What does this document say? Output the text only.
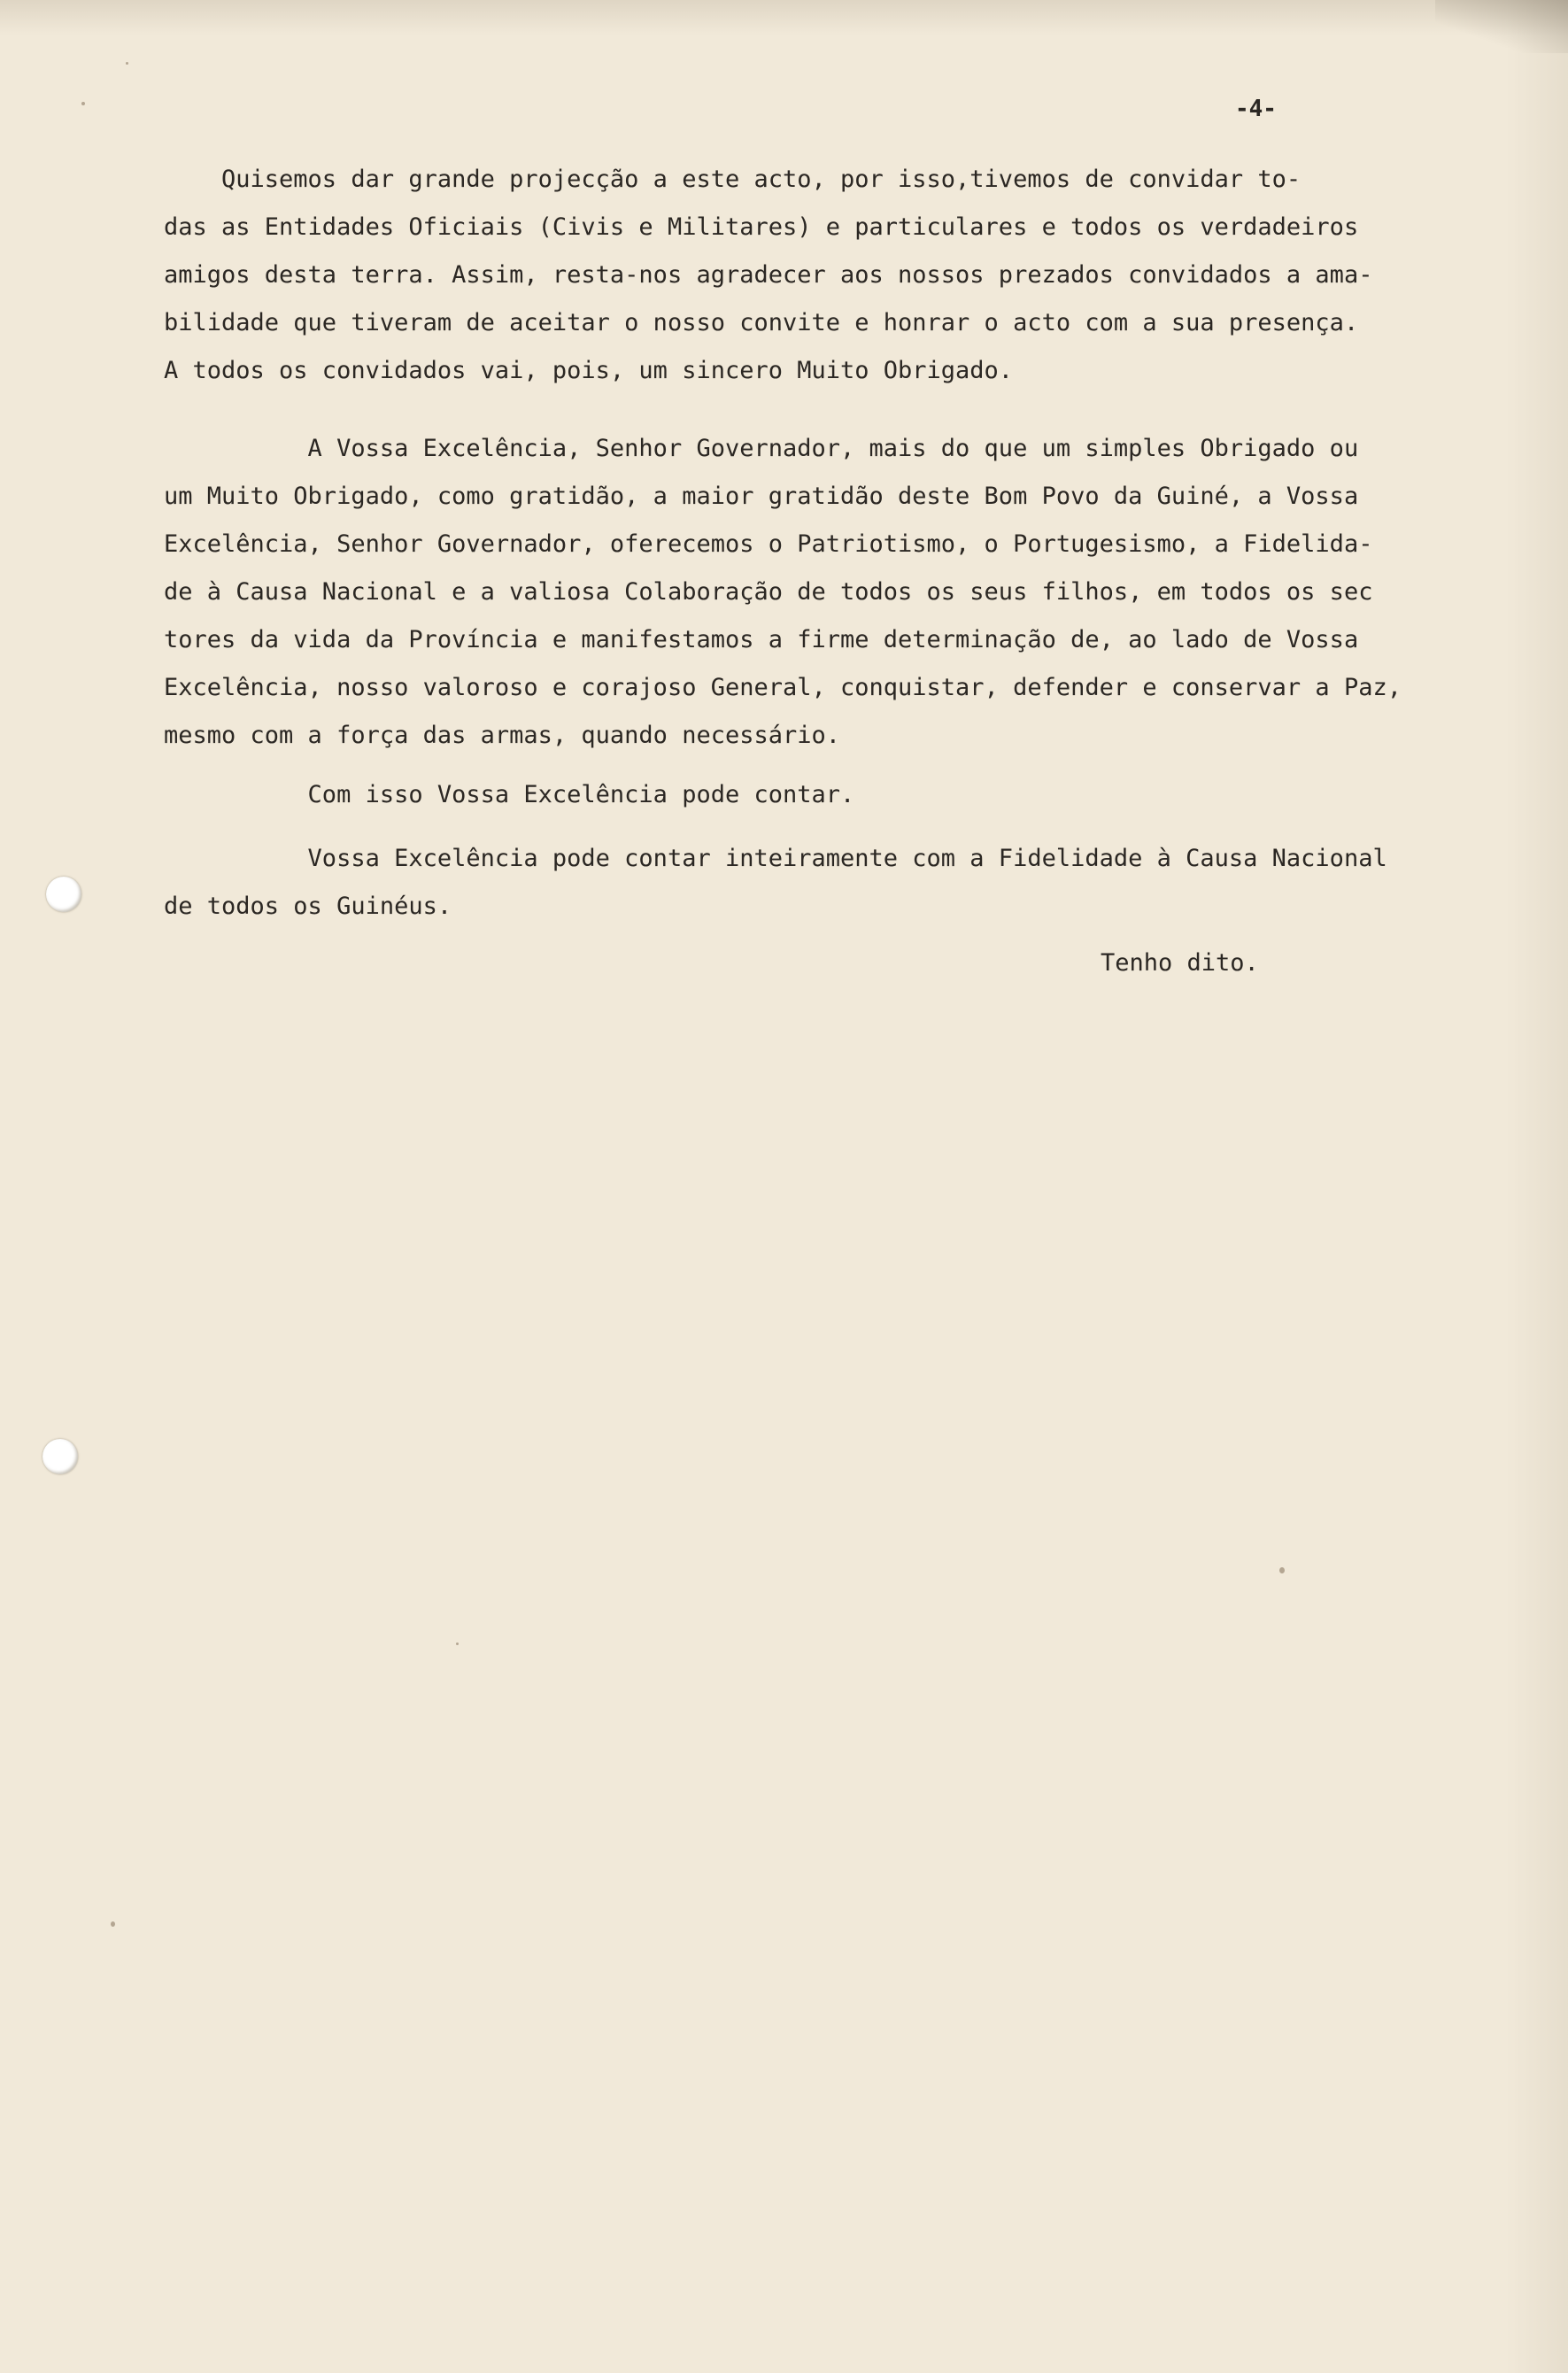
-4-
Quisemos dar grande projecção a este acto, por isso,tivemos de convidar to-
das as Entidades Oficiais (Civis e Militares) e particulares e todos os verdadeiros
amigos desta terra. Assim, resta-nos agradecer aos nossos prezados convidados a ama-
bilidade que tiveram de aceitar o nosso convite e honrar o acto com a sua presença.
A todos os convidados vai, pois, um sincero Muito Obrigado.
A Vossa Excelência, Senhor Governador, mais do que um simples Obrigado ou
um Muito Obrigado, como gratidão, a maior gratidão deste Bom Povo da Guiné, a Vossa
Excelência, Senhor Governador, oferecemos o Patriotismo, o Portugesismo, a Fidelida-
de à Causa Nacional e a valiosa Colaboração de todos os seus filhos, em todos os sec
tores da vida da Província e manifestamos a firme determinação de, ao lado de Vossa
Excelência, nosso valoroso e corajoso General, conquistar, defender e conservar a Paz,
mesmo com a força das armas, quando necessário.
Com isso Vossa Excelência pode contar.
Vossa Excelência pode contar inteiramente com a Fidelidade à Causa Nacional
de todos os Guinéus.
Tenho dito.
